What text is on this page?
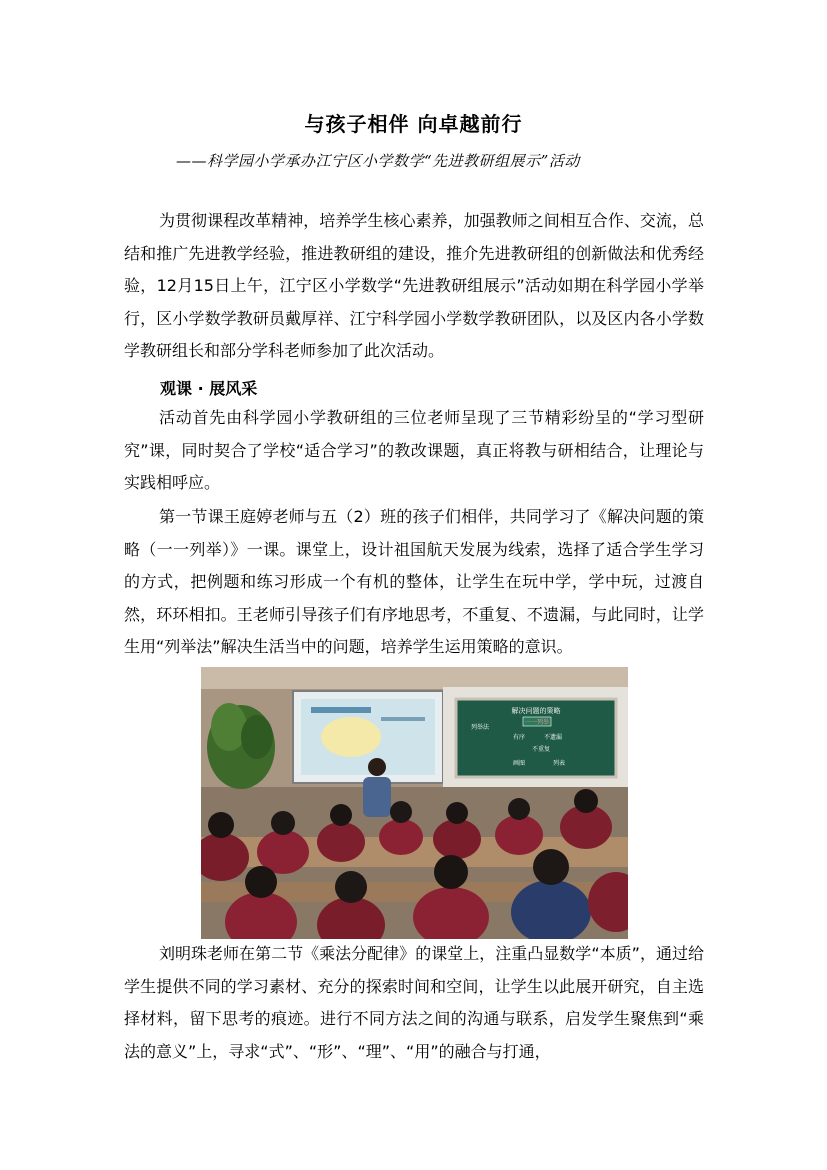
与孩子相伴 向卓越前行
——科学园小学承办江宁区小学数学“先进教研组展示”活动
为贯彻课程改革精神，培养学生核心素养，加强教师之间相互合作、交流，总结和推广先进教学经验，推进教研组的建设，推介先进教研组的创新做法和优秀经验，12月15日上午，江宁区小学数学“先进教研组展示”活动如期在科学园小学举行，区小学数学教研员戴厚祥、江宁科学园小学数学教研团队，以及区内各小学数学教研组长和部分学科老师参加了此次活动。
观课 · 展风采
活动首先由科学园小学教研组的三位老师呈现了三节精彩纷呈的“学习型研究”课，同时契合了学校“适合学习”的教改课题，真正将教与研相结合，让理论与实践相呼应。
第一节课王庭婷老师与五（2）班的孩子们相伴，共同学习了《解决问题的策略（一一列举）》一课。课堂上，设计祖国航天发展为线索，选择了适合学生学习的方式，把例题和练习形成一个有机的整体，让学生在玩中学，学中玩，过渡自然，环环相扣。王老师引导孩子们有序地思考，不重复、不遗漏，与此同时，让学生用“列举法”解决生活当中的问题，培养学生运用策略的意识。
解决问题的策略
一一列举
有序	不遗漏
不重复
画图	列表
列举法
刘明珠老师在第二节《乘法分配律》的课堂上，注重凸显数学“本质”，通过给学生提供不同的学习素材、充分的探索时间和空间，让学生以此展开研究，自主选择材料，留下思考的痕迹。进行不同方法之间的沟通与联系，启发学生聚焦到“乘法的意义”上，寻求“式”、“形”、“理”、“用”的融合与打通，
